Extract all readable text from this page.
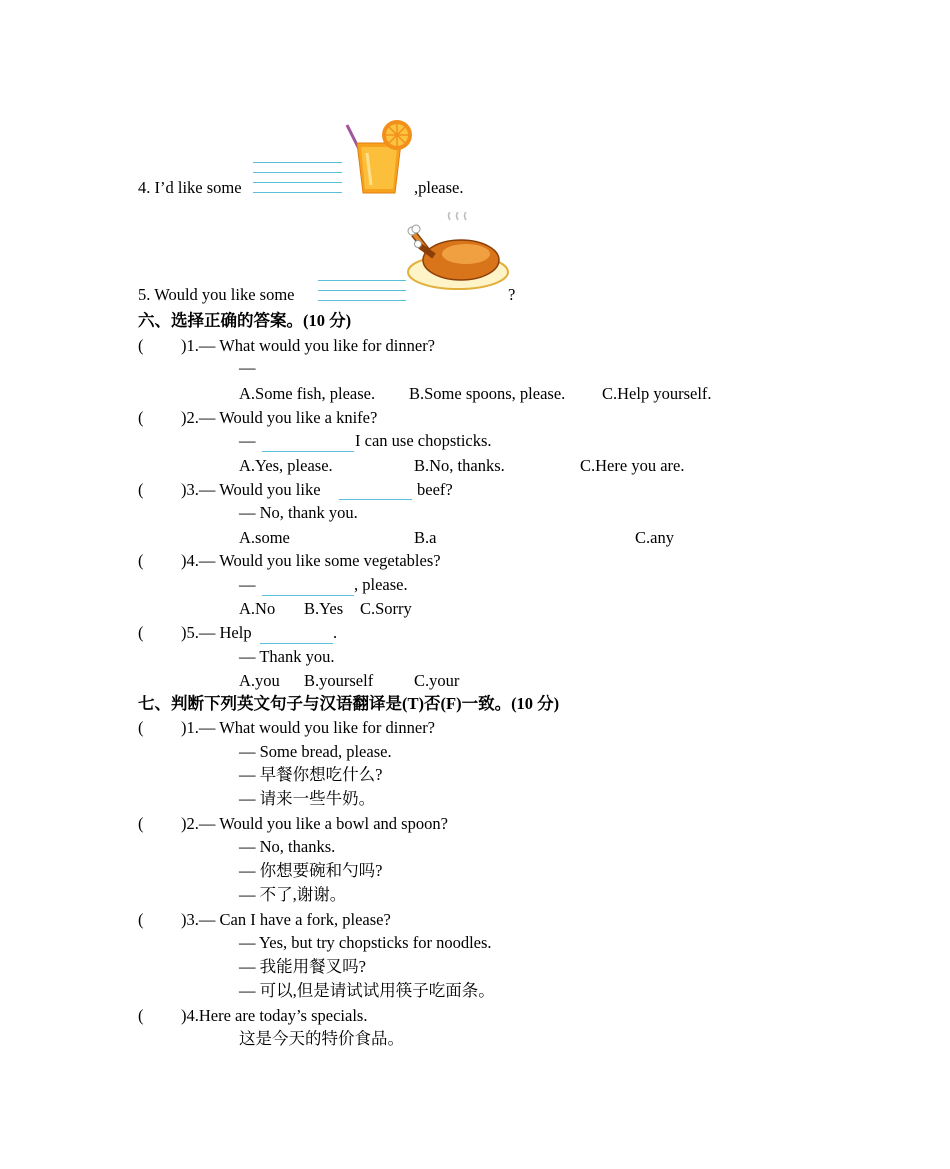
4. I’d like some	,please.
5. Would you like some	?
六、选择正确的答案。(10 分)
( )1.— What would you like for dinner?
—
A.Some fish, please. B.Some spoons, please. C.Help yourself.
( )2.— Would you like a knife?
—	I can use chopsticks.
A.Yes, please.	B.No, thanks.	C.Here you are.
( )3.— Would you like	beef?
— No, thank you.
A.some	B.a	C.any
( )4.— Would you like some vegetables?
—	, please.
A.No B.Yes C.Sorry
( )5.— Help	.
— Thank you.
A.you B.yourself C.your
七、判断下列英文句子与汉语翻译是(T)否(F)一致。(10 分)
( )1.— What would you like for dinner?
— Some bread, please.
— 早餐你想吃什么?
— 请来一些牛奶。
( )2.— Would you like a bowl and spoon?
— No, thanks.
— 你想要碗和勺吗?
— 不了,谢谢。
( )3.— Can I have a fork, please?
— Yes, but try chopsticks for noodles.
— 我能用餐叉吗?
— 可以,但是请试试用筷子吃面条。
( )4.Here are today’s specials.
这是今天的特价食品。
